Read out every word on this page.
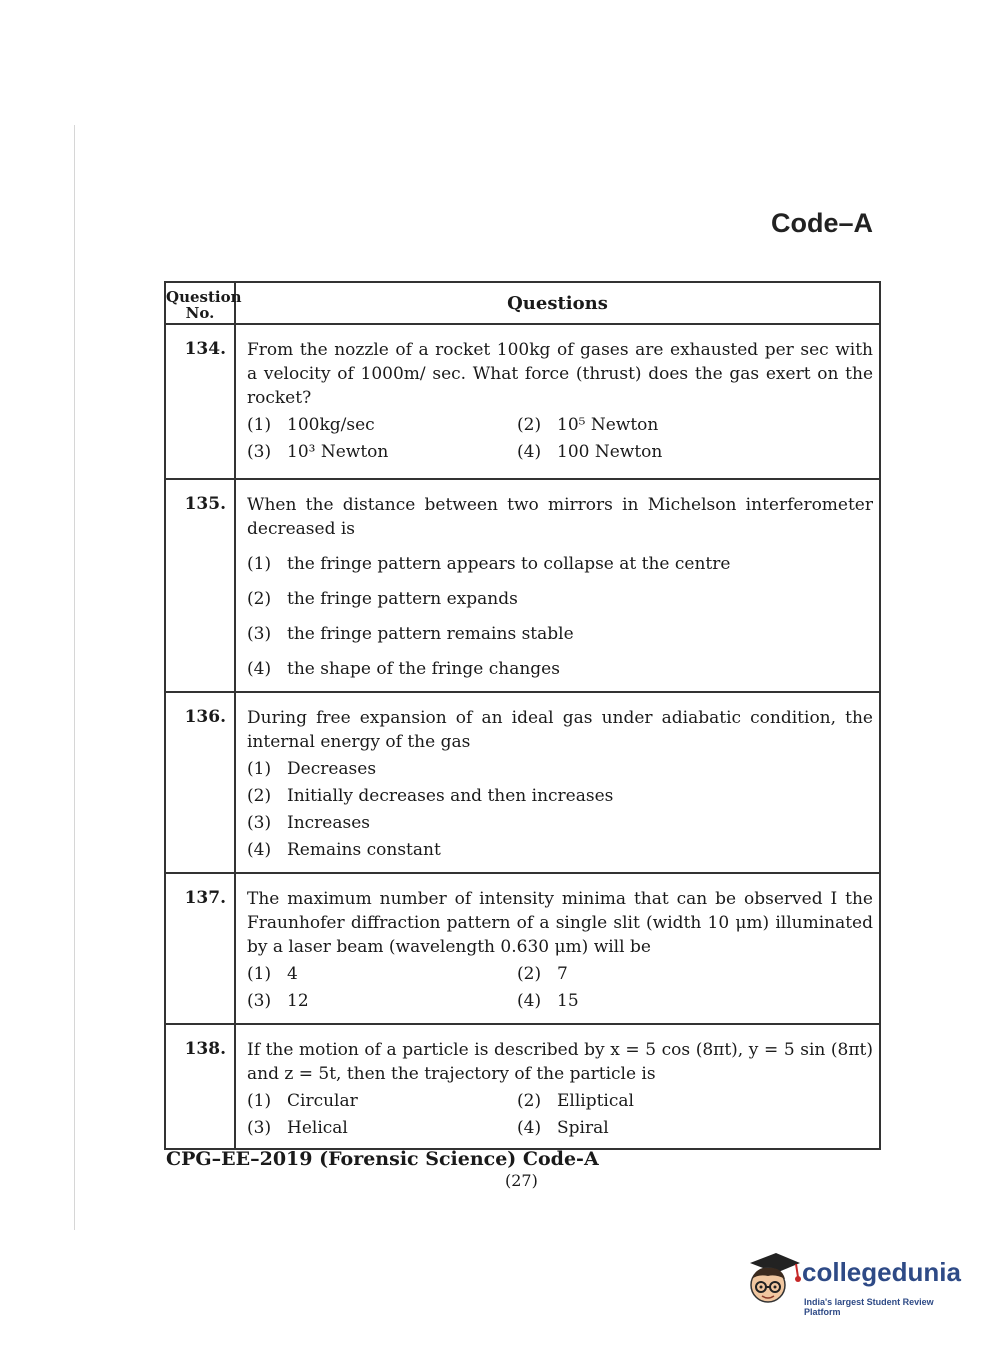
Code–A
Question No.	Questions
134.	From the nozzle of a rocket 100kg of gases are exhausted per sec with a velocity of 1000m/ sec. What force (thrust) does the gas exert on the rocket?
(1) 100kg/sec (2) 10⁵ Newton
(3) 10³ Newton (4) 100 Newton

135.	When the distance between two mirrors in Michelson interferometer decreased is
(1) the fringe pattern appears to collapse at the centre
(2) the fringe pattern expands
(3) the fringe pattern remains stable
(4) the shape of the fringe changes

136.	During free expansion of an ideal gas under adiabatic condition, the internal energy of the gas
(1) Decreases
(2) Initially decreases and then increases
(3) Increases
(4) Remains constant

137.	The maximum number of intensity minima that can be observed I the Fraunhofer diffraction pattern of a single slit (width 10 μm) illuminated by a laser beam (wavelength 0.630 μm) will be
(1) 4 (2) 7
(3) 12 (4) 15

138.	If the motion of a particle is described by x = 5 cos (8πt), y = 5 sin (8πt) and z = 5t, then the trajectory of the particle is
(1) Circular (2) Elliptical
(3) Helical (4) Spiral
CPG–EE–2019 (Forensic Science) Code-A
(27)
collegedunia
India's largest Student Review Platform
